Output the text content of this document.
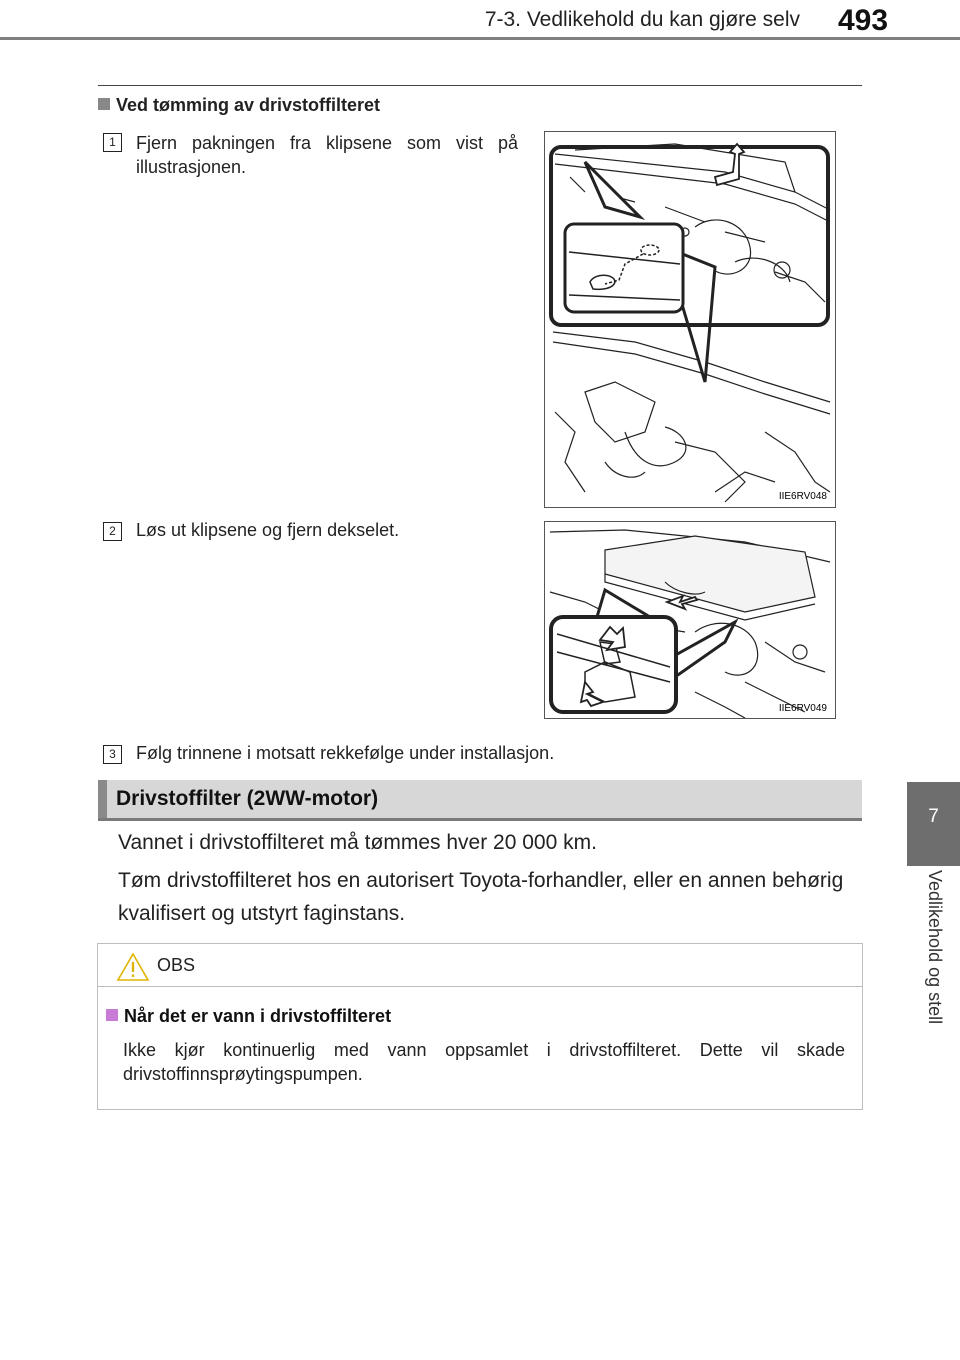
7-3. Vedlikehold du kan gjøre selv 493
7
Vedlikehold og stell
Ved tømming av drivstoffilteret
1	Fjern pakningen fra klipsene som vist på illustrasjonen.
IIE6RV048
2	Løs ut klipsene og fjern dekselet.
IIE6RV049
3	Følg trinnene i motsatt rekkefølge under installasjon.
Drivstoffilter (2WW-motor)
Vannet i drivstoffilteret må tømmes hver 20 000 km.
Tøm drivstoffilteret hos en autorisert Toyota-forhandler, eller en annen behørig kvalifisert og utstyrt faginstans.
OBS
Når det er vann i drivstoffilteret
Ikke kjør kontinuerlig med vann oppsamlet i drivstoffilteret. Dette vil skade drivstoffinnsprøytingspumpen.
